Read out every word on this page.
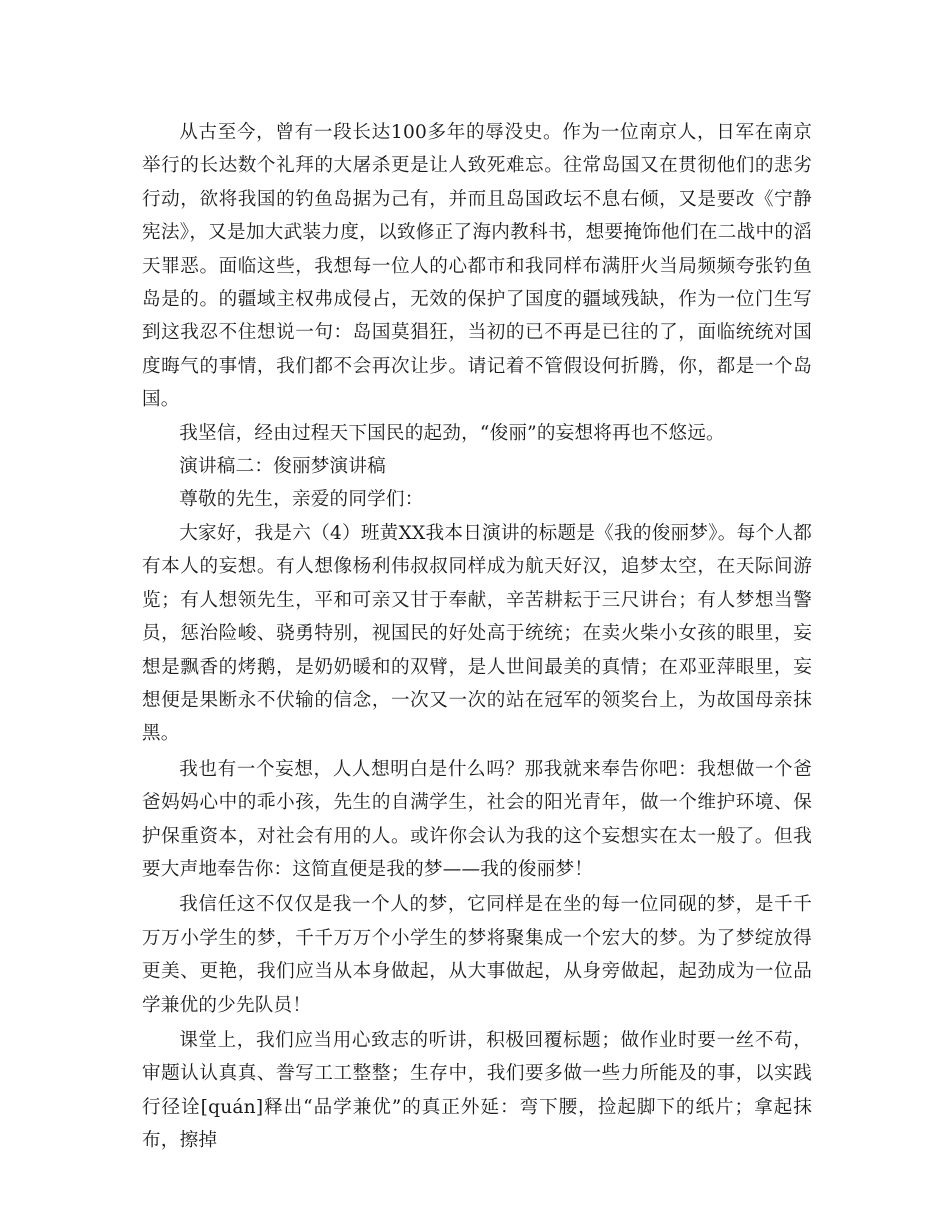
从古至今，曾有一段长达100多年的辱没史。作为一位南京人，日军在南京举行的长达数个礼拜的大屠杀更是让人致死难忘。往常岛国又在贯彻他们的悲劣行动，欲将我国的钓鱼岛据为己有，并而且岛国政坛不息右倾，又是要改《宁静宪法》，又是加大武装力度，以致修正了海内教科书，想要掩饰他们在二战中的滔天罪恶。面临这些，我想每一位人的心都市和我同样布满肝火当局频频夸张钓鱼岛是的。的疆域主权弗成侵占，无效的保护了国度的疆域残缺，作为一位门生写到这我忍不住想说一句：岛国莫猖狂，当初的已不再是已往的了，面临统统对国度晦气的事情，我们都不会再次让步。请记着不管假设何折腾，你，都是一个岛国。

我坚信，经由过程天下国民的起劲，“俊丽”的妄想将再也不悠远。

演讲稿二：俊丽梦演讲稿

尊敬的先生，亲爱的同学们：

大家好，我是六（4）班黄XX我本日演讲的标题是《我的俊丽梦》。每个人都有本人的妄想。有人想像杨利伟叔叔同样成为航天好汉，追梦太空，在天际间游览；有人想领先生，平和可亲又甘于奉献，辛苦耕耘于三尺讲台；有人梦想当警员，惩治险峻、骁勇特别，视国民的好处高于统统；在卖火柴小女孩的眼里，妄想是飘香的烤鹅，是奶奶暖和的双臂，是人世间最美的真情；在邓亚萍眼里，妄想便是果断永不伏输的信念，一次又一次的站在冠军的领奖台上，为故国母亲抹黑。

我也有一个妄想，人人想明白是什么吗？那我就来奉告你吧：我想做一个爸爸妈妈心中的乖小孩，先生的自满学生，社会的阳光青年，做一个维护环境、保护保重资本，对社会有用的人。或许你会认为我的这个妄想实在太一般了。但我要大声地奉告你：这简直便是我的梦——我的俊丽梦！

我信任这不仅仅是我一个人的梦，它同样是在坐的每一位同砚的梦，是千千万万小学生的梦，千千万万个小学生的梦将聚集成一个宏大的梦。为了梦绽放得更美、更艳，我们应当从本身做起，从大事做起，从身旁做起，起劲成为一位品学兼优的少先队员！

课堂上，我们应当用心致志的听讲，积极回覆标题；做作业时要一丝不苟，审题认认真真、誊写工工整整；生存中，我们要多做一些力所能及的事，以实践行径诠[quán]释出“品学兼优”的真正外延：弯下腰，捡起脚下的纸片；拿起抹布，擦掉
